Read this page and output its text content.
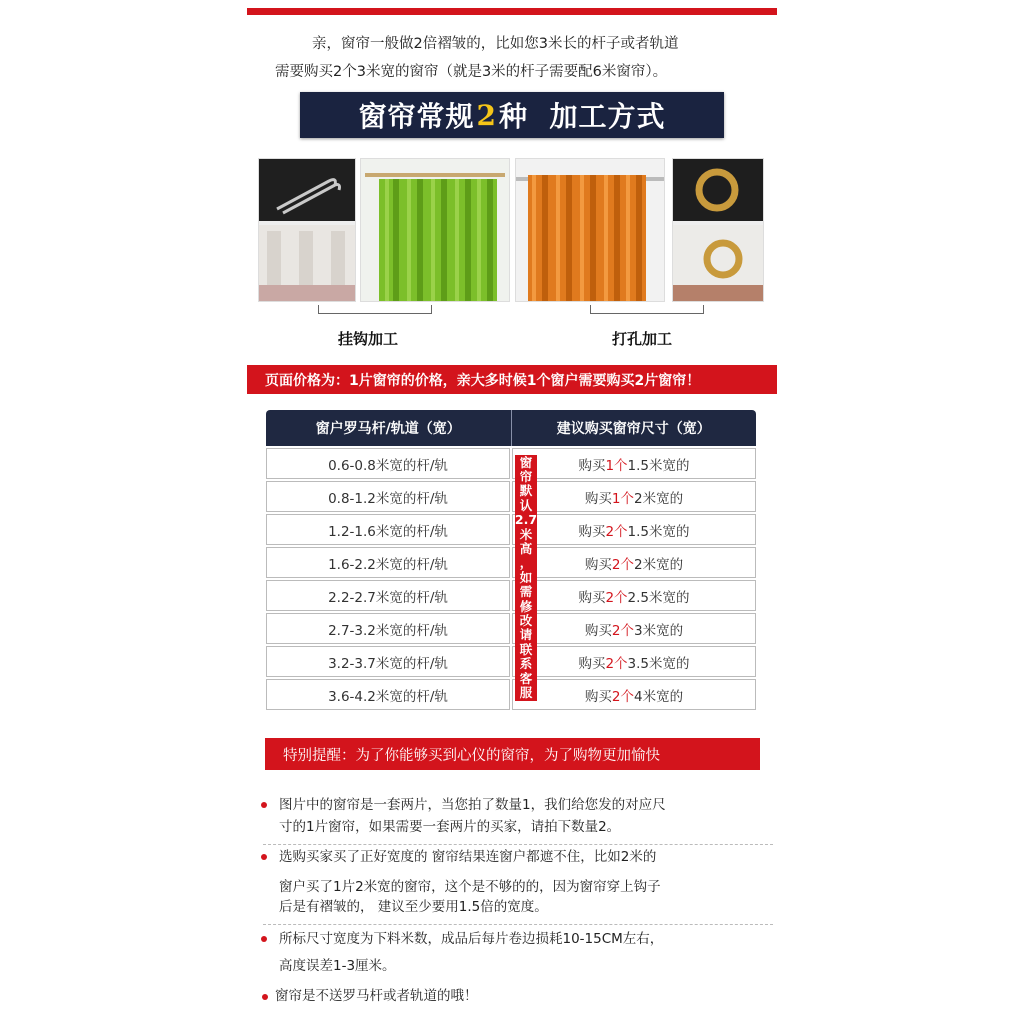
亲，窗帘一般做2倍褶皱的，比如您3米长的杆子或者轨道
需要购买2个3米宽的窗帘（就是3米的杆子需要配6米窗帘）。
窗帘常规 2 种  加工方式
挂钩加工	打孔加工
页面价格为：1片窗帘的价格，亲大多时候1个窗户需要购买2片窗帘！
窗户罗马杆/轨道（宽）	建议购买窗帘尺寸（宽）
0.6-0.8米宽的杆/轨	购买 1个 1.5米宽的
0.8-1.2米宽的杆/轨	购买 1个 2米宽的
1.2-1.6米宽的杆/轨	购买 2个 1.5米宽的
1.6-2.2米宽的杆/轨	购买 2个 2米宽的
2.2-2.7米宽的杆/轨	购买 2个 2.5米宽的
2.7-3.2米宽的杆/轨	购买 2个 3米宽的
3.2-3.7米宽的杆/轨	购买 2个 3.5米宽的
3.6-4.2米宽的杆/轨	购买 2个 4米宽的
窗
帘
默
认
2.7
米
高
，
如
需
修
改
请
联
系
客
服
特别提醒：为了你能够买到心仪的窗帘，为了购物更加愉快
图片中的窗帘是一套两片，当您拍了数量1，我们给您发的对应尺
寸的1片窗帘，如果需要一套两片的买家，请拍下数量2。
选购买家买了正好宽度的 窗帘结果连窗户都遮不住，比如2米的
窗户买了1片2米宽的窗帘，这个是不够的的，因为窗帘穿上钩子
后是有褶皱的， 建议至少要用1.5倍的宽度。
所标尺寸宽度为下料米数，成品后每片卷边损耗10-15CM左右，
高度误差1-3厘米。
窗帘是不送罗马杆或者轨道的哦！
